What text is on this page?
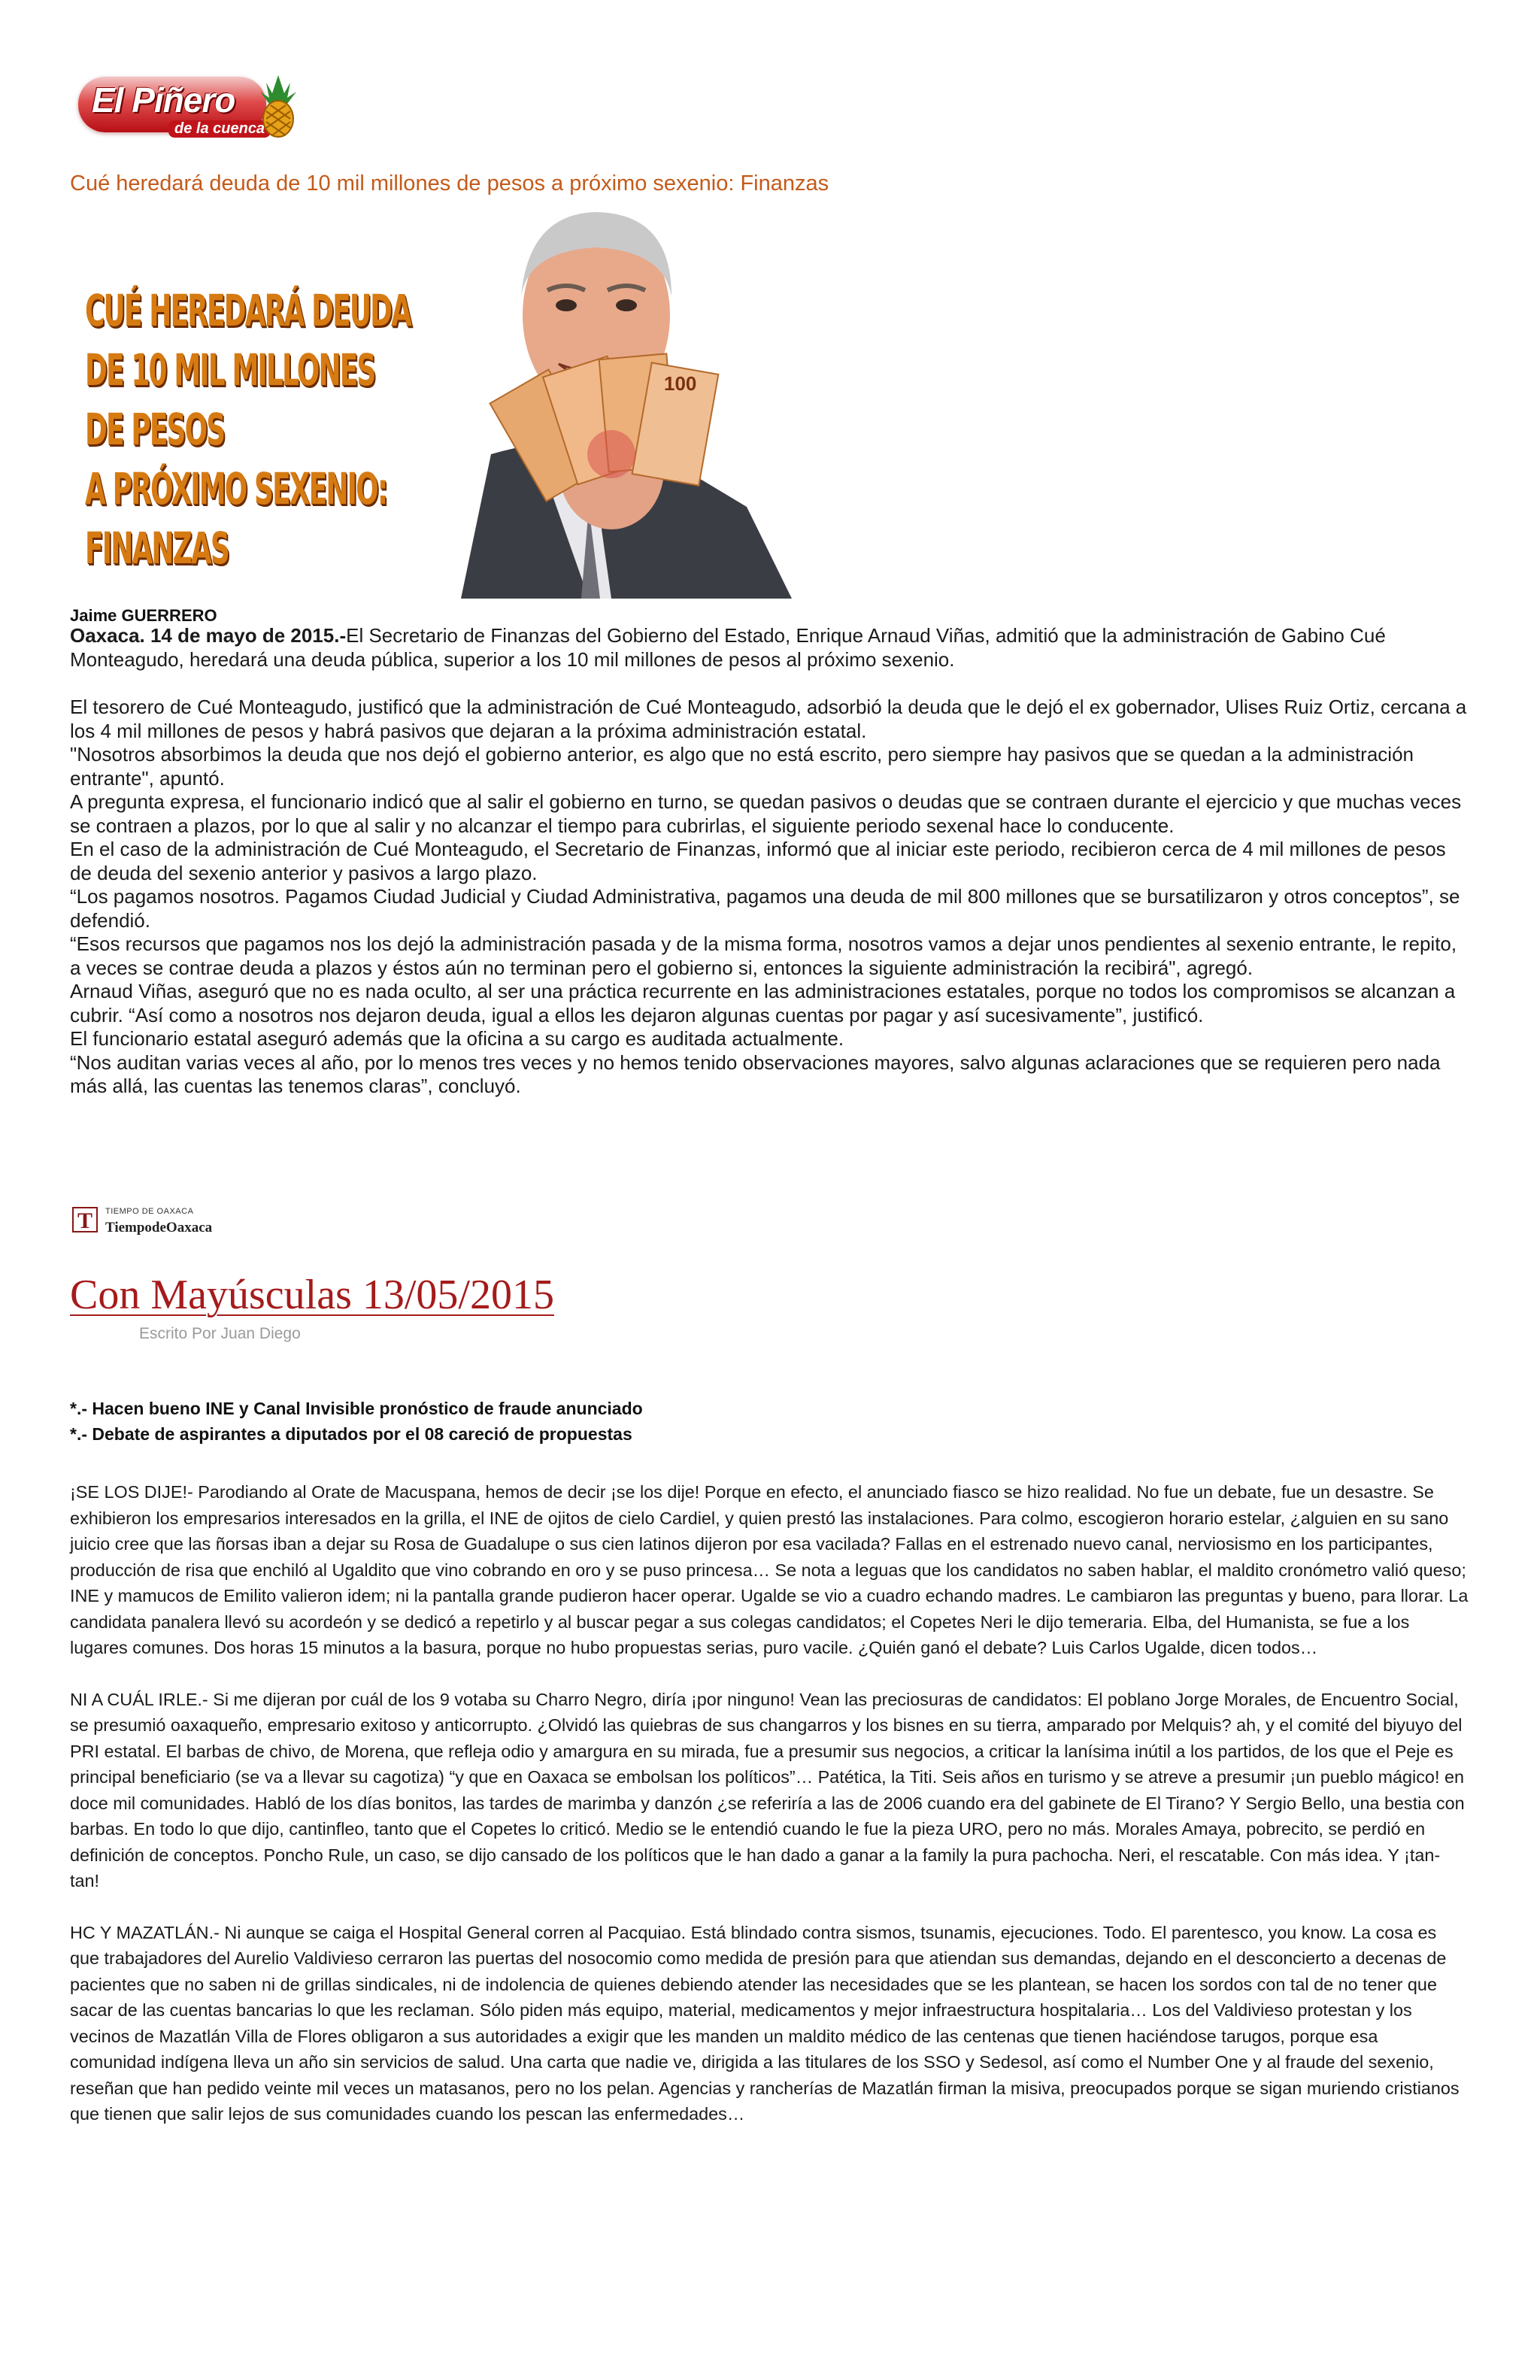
El Piñero
de la cuenca
Cué heredará deuda de 10 mil millones de pesos a próximo sexenio: Finanzas
CUÉ HEREDARÁ DEUDA
DE 10 MIL MILLONES DE PESOS
A PRÓXIMO SEXENIO: FINANZAS
100
Jaime GUERRERO

Oaxaca. 14 de mayo de 2015.-El Secretario de Finanzas del Gobierno del Estado, Enrique Arnaud Viñas, admitió que la administración de Gabino Cué Monteagudo, heredará una deuda pública, superior a los 10 mil millones de pesos al próximo sexenio.

El tesorero de Cué Monteagudo, justificó que la administración de Cué Monteagudo, adsorbió la deuda que le dejó el ex gobernador, Ulises Ruiz Ortiz, cercana a los 4 mil millones de pesos y habrá pasivos que dejaran a la próxima administración estatal.

"Nosotros absorbimos la deuda que nos dejó el gobierno anterior, es algo que no está escrito, pero siempre hay pasivos que se quedan a la administración entrante", apuntó.

A pregunta expresa, el funcionario indicó que al salir el gobierno en turno, se quedan pasivos o deudas que se contraen durante el ejercicio y que muchas veces se contraen a plazos, por lo que al salir y no alcanzar el tiempo para cubrirlas, el siguiente periodo sexenal hace lo conducente.

En el caso de la administración de Cué Monteagudo, el Secretario de Finanzas, informó que al iniciar este periodo, recibieron cerca de 4 mil millones de pesos de deuda del sexenio anterior y pasivos a largo plazo.

“Los pagamos nosotros. Pagamos Ciudad Judicial y Ciudad Administrativa, pagamos una deuda de mil 800 millones que se bursatilizaron y otros conceptos”, se defendió.

“Esos recursos que pagamos nos los dejó la administración pasada y de la misma forma, nosotros vamos a dejar unos pendientes al sexenio entrante, le repito, a veces se contrae deuda a plazos y éstos aún no terminan pero el gobierno si, entonces la siguiente administración la recibirá", agregó.

Arnaud Viñas, aseguró que no es nada oculto, al ser una práctica recurrente en las administraciones estatales, porque no todos los compromisos se alcanzan a cubrir. “Así como a nosotros nos dejaron deuda, igual a ellos les dejaron algunas cuentas por pagar y así sucesivamente”, justificó.

El funcionario estatal aseguró además que la oficina a su cargo es auditada actualmente.

“Nos auditan varias veces al año, por lo menos tres veces y no hemos tenido observaciones mayores, salvo algunas aclaraciones que se requieren pero nada más allá, las cuentas las tenemos claras”, concluyó.

T	TIEMPO DE OAXACA
TiempodeOaxaca
Con Mayúsculas 13/05/2015
Escrito Por Juan Diego
*.- Hacen bueno INE y Canal Invisible pronóstico de fraude anunciado
*.- Debate de aspirantes a diputados por el 08 careció de propuestas

¡SE LOS DIJE!- Parodiando al Orate de Macuspana, hemos de decir ¡se los dije! Porque en efecto, el anunciado fiasco se hizo realidad. No fue un debate, fue un desastre. Se exhibieron los empresarios interesados en la grilla, el INE de ojitos de cielo Cardiel, y quien prestó las instalaciones. Para colmo, escogieron horario estelar, ¿alguien en su sano juicio cree que las ñorsas iban a dejar su Rosa de Guadalupe o sus cien latinos dijeron por esa vacilada? Fallas en el estrenado nuevo canal, nerviosismo en los participantes, producción de risa que enchiló al Ugaldito que vino cobrando en oro y se puso princesa… Se nota a leguas que los candidatos no saben hablar, el maldito cronómetro valió queso; INE y mamucos de Emilito valieron idem; ni la pantalla grande pudieron hacer operar. Ugalde se vio a cuadro echando madres. Le cambiaron las preguntas y bueno, para llorar. La candidata panalera llevó su acordeón y se dedicó a repetirlo y al buscar pegar a sus colegas candidatos; el Copetes Neri le dijo temeraria. Elba, del Humanista, se fue a los lugares comunes. Dos horas 15 minutos a la basura, porque no hubo propuestas serias, puro vacile. ¿Quién ganó el debate? Luis Carlos Ugalde, dicen todos…

NI A CUÁL IRLE.- Si me dijeran por cuál de los 9 votaba su Charro Negro, diría ¡por ninguno! Vean las preciosuras de candidatos: El poblano Jorge Morales, de Encuentro Social, se presumió oaxaqueño, empresario exitoso y anticorrupto. ¿Olvidó las quiebras de sus changarros y los bisnes en su tierra, amparado por Melquis? ah, y el comité del biyuyo del PRI estatal. El barbas de chivo, de Morena, que refleja odio y amargura en su mirada, fue a presumir sus negocios, a criticar la lanísima inútil a los partidos, de los que el Peje es principal beneficiario (se va a llevar su cagotiza) “y que en Oaxaca se embolsan los políticos”… Patética, la Titi. Seis años en turismo y se atreve a presumir ¡un pueblo mágico! en doce mil comunidades. Habló de los días bonitos, las tardes de marimba y danzón ¿se referiría a las de 2006 cuando era del gabinete de El Tirano? Y Sergio Bello, una bestia con barbas. En todo lo que dijo, cantinfleo, tanto que el Copetes lo criticó. Medio se le entendió cuando le fue la pieza URO, pero no más. Morales Amaya, pobrecito, se perdió en definición de conceptos. Poncho Rule, un caso, se dijo cansado de los políticos que le han dado a ganar a la family la pura pachocha. Neri, el rescatable. Con más idea. Y ¡tan-tan!

HC Y MAZATLÁN.- Ni aunque se caiga el Hospital General corren al Pacquiao. Está blindado contra sismos, tsunamis, ejecuciones. Todo. El parentesco, you know. La cosa es que trabajadores del Aurelio Valdivieso cerraron las puertas del nosocomio como medida de presión para que atiendan sus demandas, dejando en el desconcierto a decenas de pacientes que no saben ni de grillas sindicales, ni de indolencia de quienes debiendo atender las necesidades que se les plantean, se hacen los sordos con tal de no tener que sacar de las cuentas bancarias lo que les reclaman. Sólo piden más equipo, material, medicamentos y mejor infraestructura hospitalaria… Los del Valdivieso protestan y los vecinos de Mazatlán Villa de Flores obligaron a sus autoridades a exigir que les manden un maldito médico de las centenas que tienen haciéndose tarugos, porque esa comunidad indígena lleva un año sin servicios de salud. Una carta que nadie ve, dirigida a las titulares de los SSO y Sedesol, así como el Number One y al fraude del sexenio, reseñan que han pedido veinte mil veces un matasanos, pero no los pelan. Agencias y rancherías de Mazatlán firman la misiva, preocupados porque se sigan muriendo cristianos que tienen que salir lejos de sus comunidades cuando los pescan las enfermedades…
